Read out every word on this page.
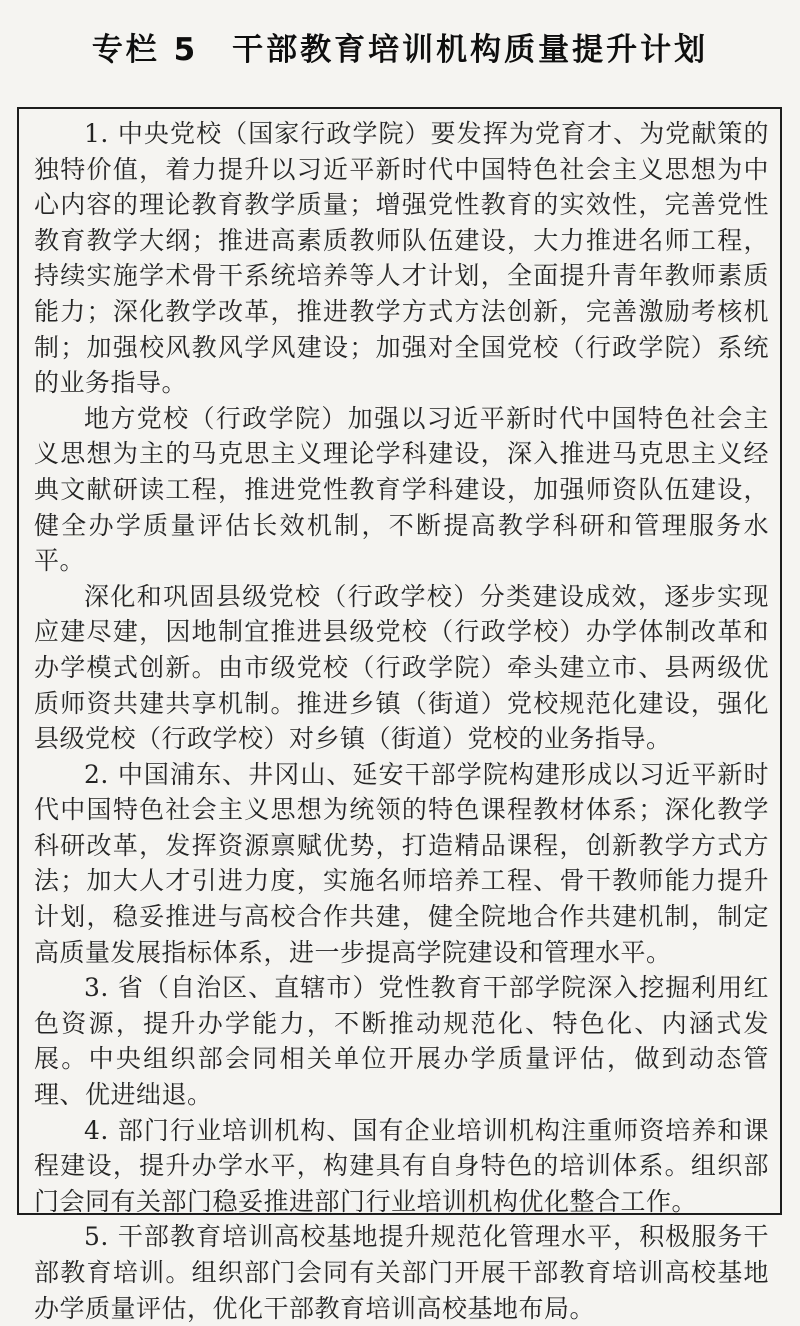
专栏 5　干部教育培训机构质量提升计划

1. 中央党校（国家行政学院）要发挥为党育才、为党献策的独特价值，着力提升以习近平新时代中国特色社会主义思想为中心内容的理论教育教学质量；增强党性教育的实效性，完善党性教育教学大纲；推进高素质教师队伍建设，大力推进名师工程，持续实施学术骨干系统培养等人才计划，全面提升青年教师素质能力；深化教学改革，推进教学方式方法创新，完善激励考核机制；加强校风教风学风建设；加强对全国党校（行政学院）系统的业务指导。

地方党校（行政学院）加强以习近平新时代中国特色社会主义思想为主的马克思主义理论学科建设，深入推进马克思主义经典文献研读工程，推进党性教育学科建设，加强师资队伍建设，健全办学质量评估长效机制，不断提高教学科研和管理服务水平。

深化和巩固县级党校（行政学校）分类建设成效，逐步实现应建尽建，因地制宜推进县级党校（行政学校）办学体制改革和办学模式创新。由市级党校（行政学院）牵头建立市、县两级优质师资共建共享机制。推进乡镇（街道）党校规范化建设，强化县级党校（行政学校）对乡镇（街道）党校的业务指导。

2. 中国浦东、井冈山、延安干部学院构建形成以习近平新时代中国特色社会主义思想为统领的特色课程教材体系；深化教学科研改革，发挥资源禀赋优势，打造精品课程，创新教学方式方法；加大人才引进力度，实施名师培养工程、骨干教师能力提升计划，稳妥推进与高校合作共建，健全院地合作共建机制，制定高质量发展指标体系，进一步提高学院建设和管理水平。

3. 省（自治区、直辖市）党性教育干部学院深入挖掘利用红色资源，提升办学能力，不断推动规范化、特色化、内涵式发展。中央组织部会同相关单位开展办学质量评估，做到动态管理、优进绌退。

4. 部门行业培训机构、国有企业培训机构注重师资培养和课程建设，提升办学水平，构建具有自身特色的培训体系。组织部门会同有关部门稳妥推进部门行业培训机构优化整合工作。

5. 干部教育培训高校基地提升规范化管理水平，积极服务干部教育培训。组织部门会同有关部门开展干部教育培训高校基地办学质量评估，优化干部教育培训高校基地布局。
